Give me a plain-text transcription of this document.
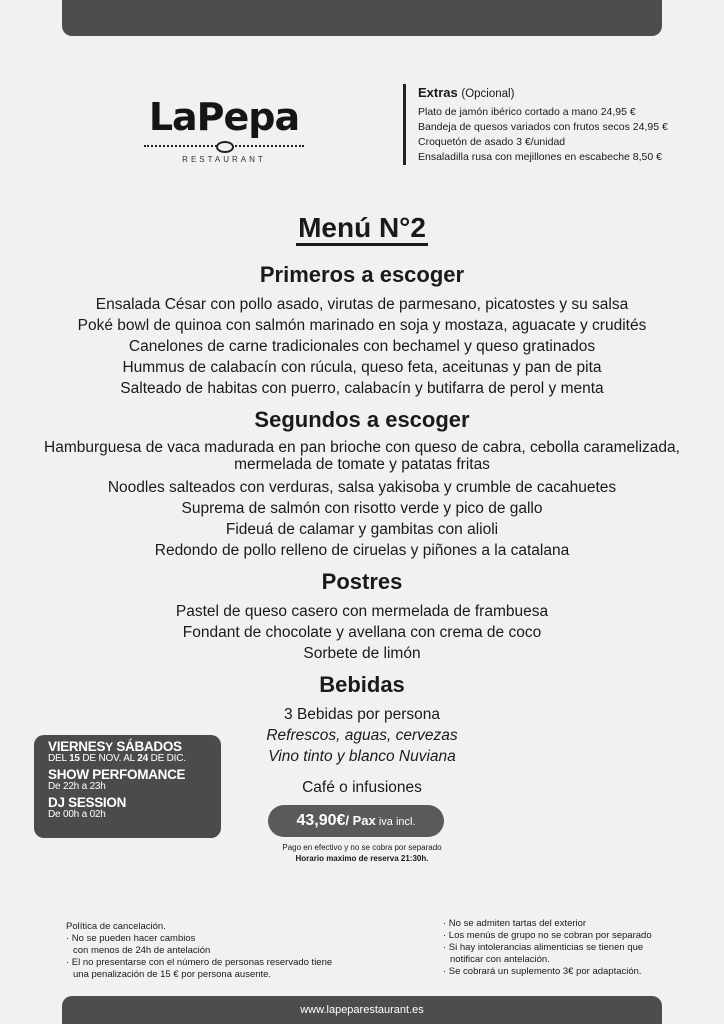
LaPepa
RESTAURANT
Extras (Opcional)
Plato de jamón ibérico cortado a mano 24,95 €
Bandeja de quesos variados con frutos secos 24,95 €
Croquetón de asado 3 €/unidad
Ensaladilla rusa con mejillones en escabeche 8,50 €
Menú N°2
Primeros a escoger
Ensalada César con pollo asado, virutas de parmesano, picatostes y su salsa
Poké bowl de quinoa con salmón marinado en soja y mostaza, aguacate y crudités
Canelones de carne tradicionales con bechamel y queso gratinados
Hummus de calabacín con rúcula, queso feta, aceitunas y pan de pita
Salteado de habitas con puerro, calabacín y butifarra de perol y menta
Segundos a escoger
Hamburguesa de vaca madurada en pan brioche con queso de cabra, cebolla caramelizada,
mermelada de tomate y patatas fritas
Noodles salteados con verduras, salsa yakisoba y crumble de cacahuetes
Suprema de salmón con risotto verde y pico de gallo
Fideuá de calamar y gambitas con alioli
Redondo de pollo relleno de ciruelas y piñones a la catalana
Postres
Pastel de queso casero con mermelada de frambuesa
Fondant de chocolate y avellana con crema de coco
Sorbete de limón
Bebidas
3 Bebidas por persona
Refrescos, aguas, cervezas
Vino tinto y blanco Nuviana
Café o infusiones
VIERNESY SÁBADOS
DEL 15 DE NOV. AL 24 DE DIC.
SHOW PERFOMANCE
De 22h a 23h
DJ SESSION
De 00h a 02h	43,90€/ Pax iva incl.
Pago en efectivo y no se cobra por separado
Horario maximo de reserva 21:30h.
Política de cancelación.
· No se pueden hacer cambios
con menos de 24h de antelación
· El no presentarse con el número de personas reservado tiene
una penalización de 15 € por persona ausente.
· No se admiten tartas del exterior
· Los menús de grupo no se cobran por separado
· Si hay intolerancias alimenticias se tienen que
notificar con antelación.
· Se cobrará un suplemento 3€ por adaptación.
www.lapeparestaurant.es
